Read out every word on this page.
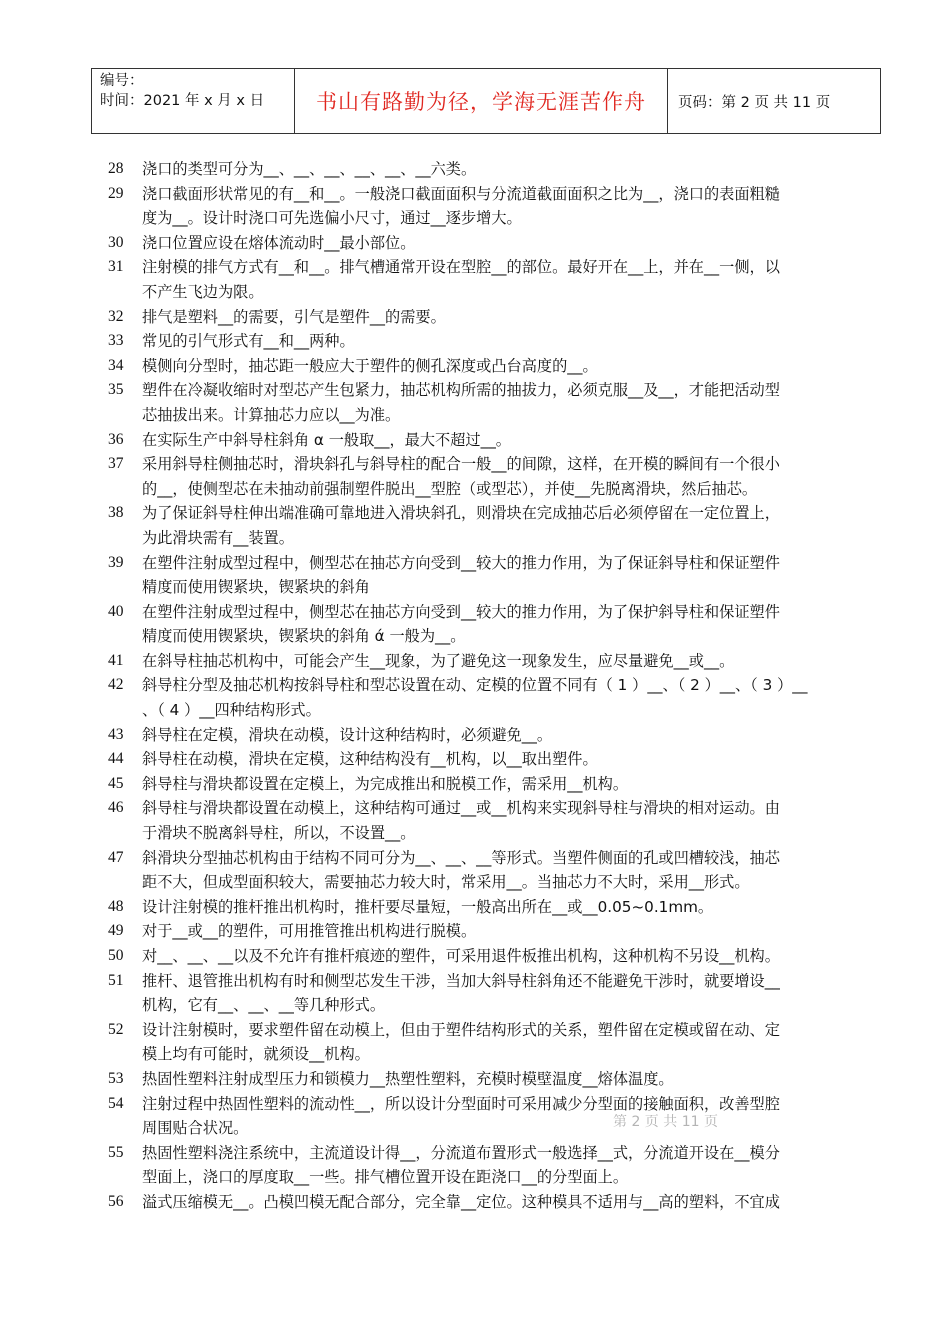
编号：
时间：2021 年 x 月 x 日	书山有路勤为径，学海无涯苦作舟	页码：第 2 页 共 11 页
28	浇口的类型可分为__、__、__、__、__、__六类。
29	浇口截面形状常见的有__和__。一般浇口截面面积与分流道截面面积之比为__，浇口的表面粗糙
度为__。设计时浇口可先选偏小尺寸，通过__逐步增大。
30	浇口位置应设在熔体流动时__最小部位。
31	注射模的排气方式有__和__。排气槽通常开设在型腔__的部位。最好开在__上，并在__一侧，以
不产生飞边为限。
32	排气是塑料__的需要，引气是塑件__的需要。
33	常见的引气形式有__和__两种。
34	模侧向分型时，抽芯距一般应大于塑件的侧孔深度或凸台高度的__。
35	塑件在冷凝收缩时对型芯产生包紧力，抽芯机构所需的抽拔力，必须克服__及__，才能把活动型
芯抽拔出来。计算抽芯力应以__为准。
36	在实际生产中斜导柱斜角 α 一般取__，最大不超过__。
37	采用斜导柱侧抽芯时，滑块斜孔与斜导柱的配合一般__的间隙，这样，在开模的瞬间有一个很小
的__，使侧型芯在未抽动前强制塑件脱出__型腔（或型芯），并使__先脱离滑块，然后抽芯。
38	为了保证斜导柱伸出端准确可靠地进入滑块斜孔，则滑块在完成抽芯后必须停留在一定位置上，
为此滑块需有__装置。
39	在塑件注射成型过程中，侧型芯在抽芯方向受到__较大的推力作用，为了保证斜导柱和保证塑件
精度而使用锲紧块，锲紧块的斜角
40	在塑件注射成型过程中，侧型芯在抽芯方向受到__较大的推力作用，为了保护斜导柱和保证塑件
精度而使用锲紧块，锲紧块的斜角 ά 一般为__。
41	在斜导柱抽芯机构中，可能会产生__现象，为了避免这一现象发生，应尽量避免__或__。
42	斜导柱分型及抽芯机构按斜导柱和型芯设置在动、定模的位置不同有（ 1 ）__、（ 2 ）__、（ 3 ）__
、（ 4 ）__四种结构形式。
43	斜导柱在定模，滑块在动模，设计这种结构时，必须避免__。
44	斜导柱在动模，滑块在定模，这种结构没有__机构，以__取出塑件。
45	斜导柱与滑块都设置在定模上，为完成推出和脱模工作，需采用__机构。
46	斜导柱与滑块都设置在动模上，这种结构可通过__或__机构来实现斜导柱与滑块的相对运动。由
于滑块不脱离斜导柱，所以，不设置__。
47	斜滑块分型抽芯机构由于结构不同可分为__、__、__等形式。当塑件侧面的孔或凹槽较浅，抽芯
距不大，但成型面积较大，需要抽芯力较大时，常采用__。当抽芯力不大时，采用__形式。
48	设计注射模的推杆推出机构时，推杆要尽量短，一般高出所在__或__0.05~0.1mm。
49	对于__或__的塑件，可用推管推出机构进行脱模。
50	对__、__、__以及不允许有推杆痕迹的塑件，可采用退件板推出机构，这种机构不另设__机构。
51	推杆、退管推出机构有时和侧型芯发生干涉，当加大斜导柱斜角还不能避免干涉时，就要增设__
机构，它有__、__、__等几种形式。
52	设计注射模时，要求塑件留在动模上，但由于塑件结构形式的关系，塑件留在定模或留在动、定
模上均有可能时，就须设__机构。
53	热固性塑料注射成型压力和锁模力__热塑性塑料，充模时模壁温度__熔体温度。
54	注射过程中热固性塑料的流动性__，所以设计分型面时可采用减少分型面的接触面积，改善型腔
周围贴合状况。
55	热固性塑料浇注系统中，主流道设计得__，分流道布置形式一般选择__式，分流道开设在__模分
型面上，浇口的厚度取__一些。排气槽位置开设在距浇口__的分型面上。
56	溢式压缩模无__。凸模凹模无配合部分，完全靠__定位。这种模具不适用与__高的塑料，不宜成
第 2 页 共 11 页
